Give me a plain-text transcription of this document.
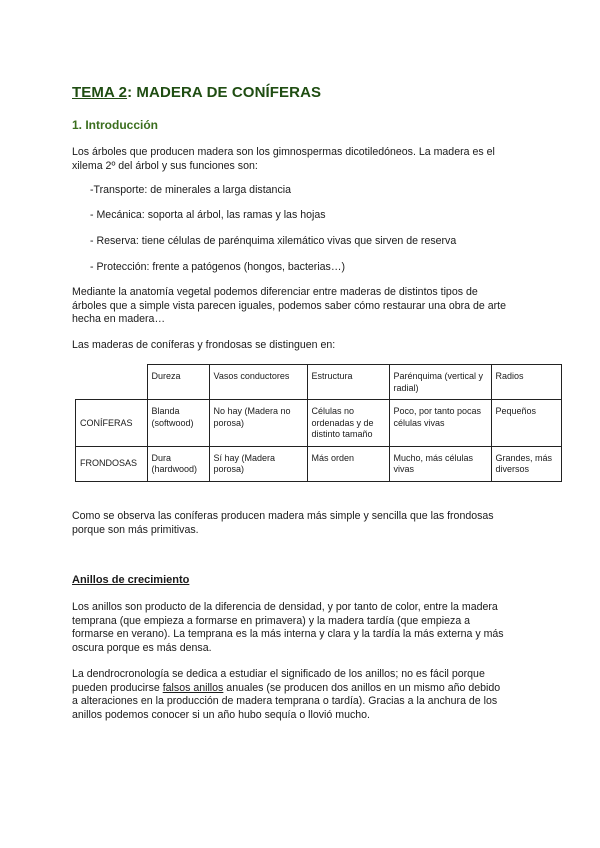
TEMA 2: MADERA DE CONÍFERAS
1. Introducción
Los árboles que producen madera son los gimnospermas dicotiledóneos. La madera es el
xilema 2º del árbol y sus funciones son:
-Transporte: de minerales a larga distancia
- Mecánica: soporta al árbol, las ramas y las hojas
- Reserva: tiene células de parénquima xilemático vivas que sirven de reserva
- Protección: frente a patógenos (hongos, bacterias…)
Mediante la anatomía vegetal podemos diferenciar entre maderas de distintos tipos de
árboles que a simple vista parecen iguales, podemos saber cómo restaurar una obra de arte
hecha en madera…
Las maderas de coníferas y frondosas se distinguen en:
	Dureza	Vasos conductores	Estructura	Parénquima (vertical y radial)	Radios
CONÍFERAS	Blanda (softwood)	No hay (Madera no porosa)	Células no ordenadas y de distinto tamaño	Poco, por tanto pocas células vivas	Pequeños
FRONDOSAS	Dura (hardwood)	Sí hay (Madera porosa)	Más orden	Mucho, más células vivas	Grandes, más diversos
Como se observa las coníferas producen madera más simple y sencilla que las frondosas
porque son más primitivas.
Anillos de crecimiento
Los anillos son producto de la diferencia de densidad, y por tanto de color, entre la madera
temprana (que empieza a formarse en primavera) y la madera tardía (que empieza a
formarse en verano). La temprana es la más interna y clara y la tardía la más externa y más
oscura porque es más densa.
La dendrocronología se dedica a estudiar el significado de los anillos; no es fácil porque
pueden producirse falsos anillos anuales (se producen dos anillos en un mismo año debido
a alteraciones en la producción de madera temprana o tardía). Gracias a la anchura de los
anillos podemos conocer si un año hubo sequía o llovió mucho.
